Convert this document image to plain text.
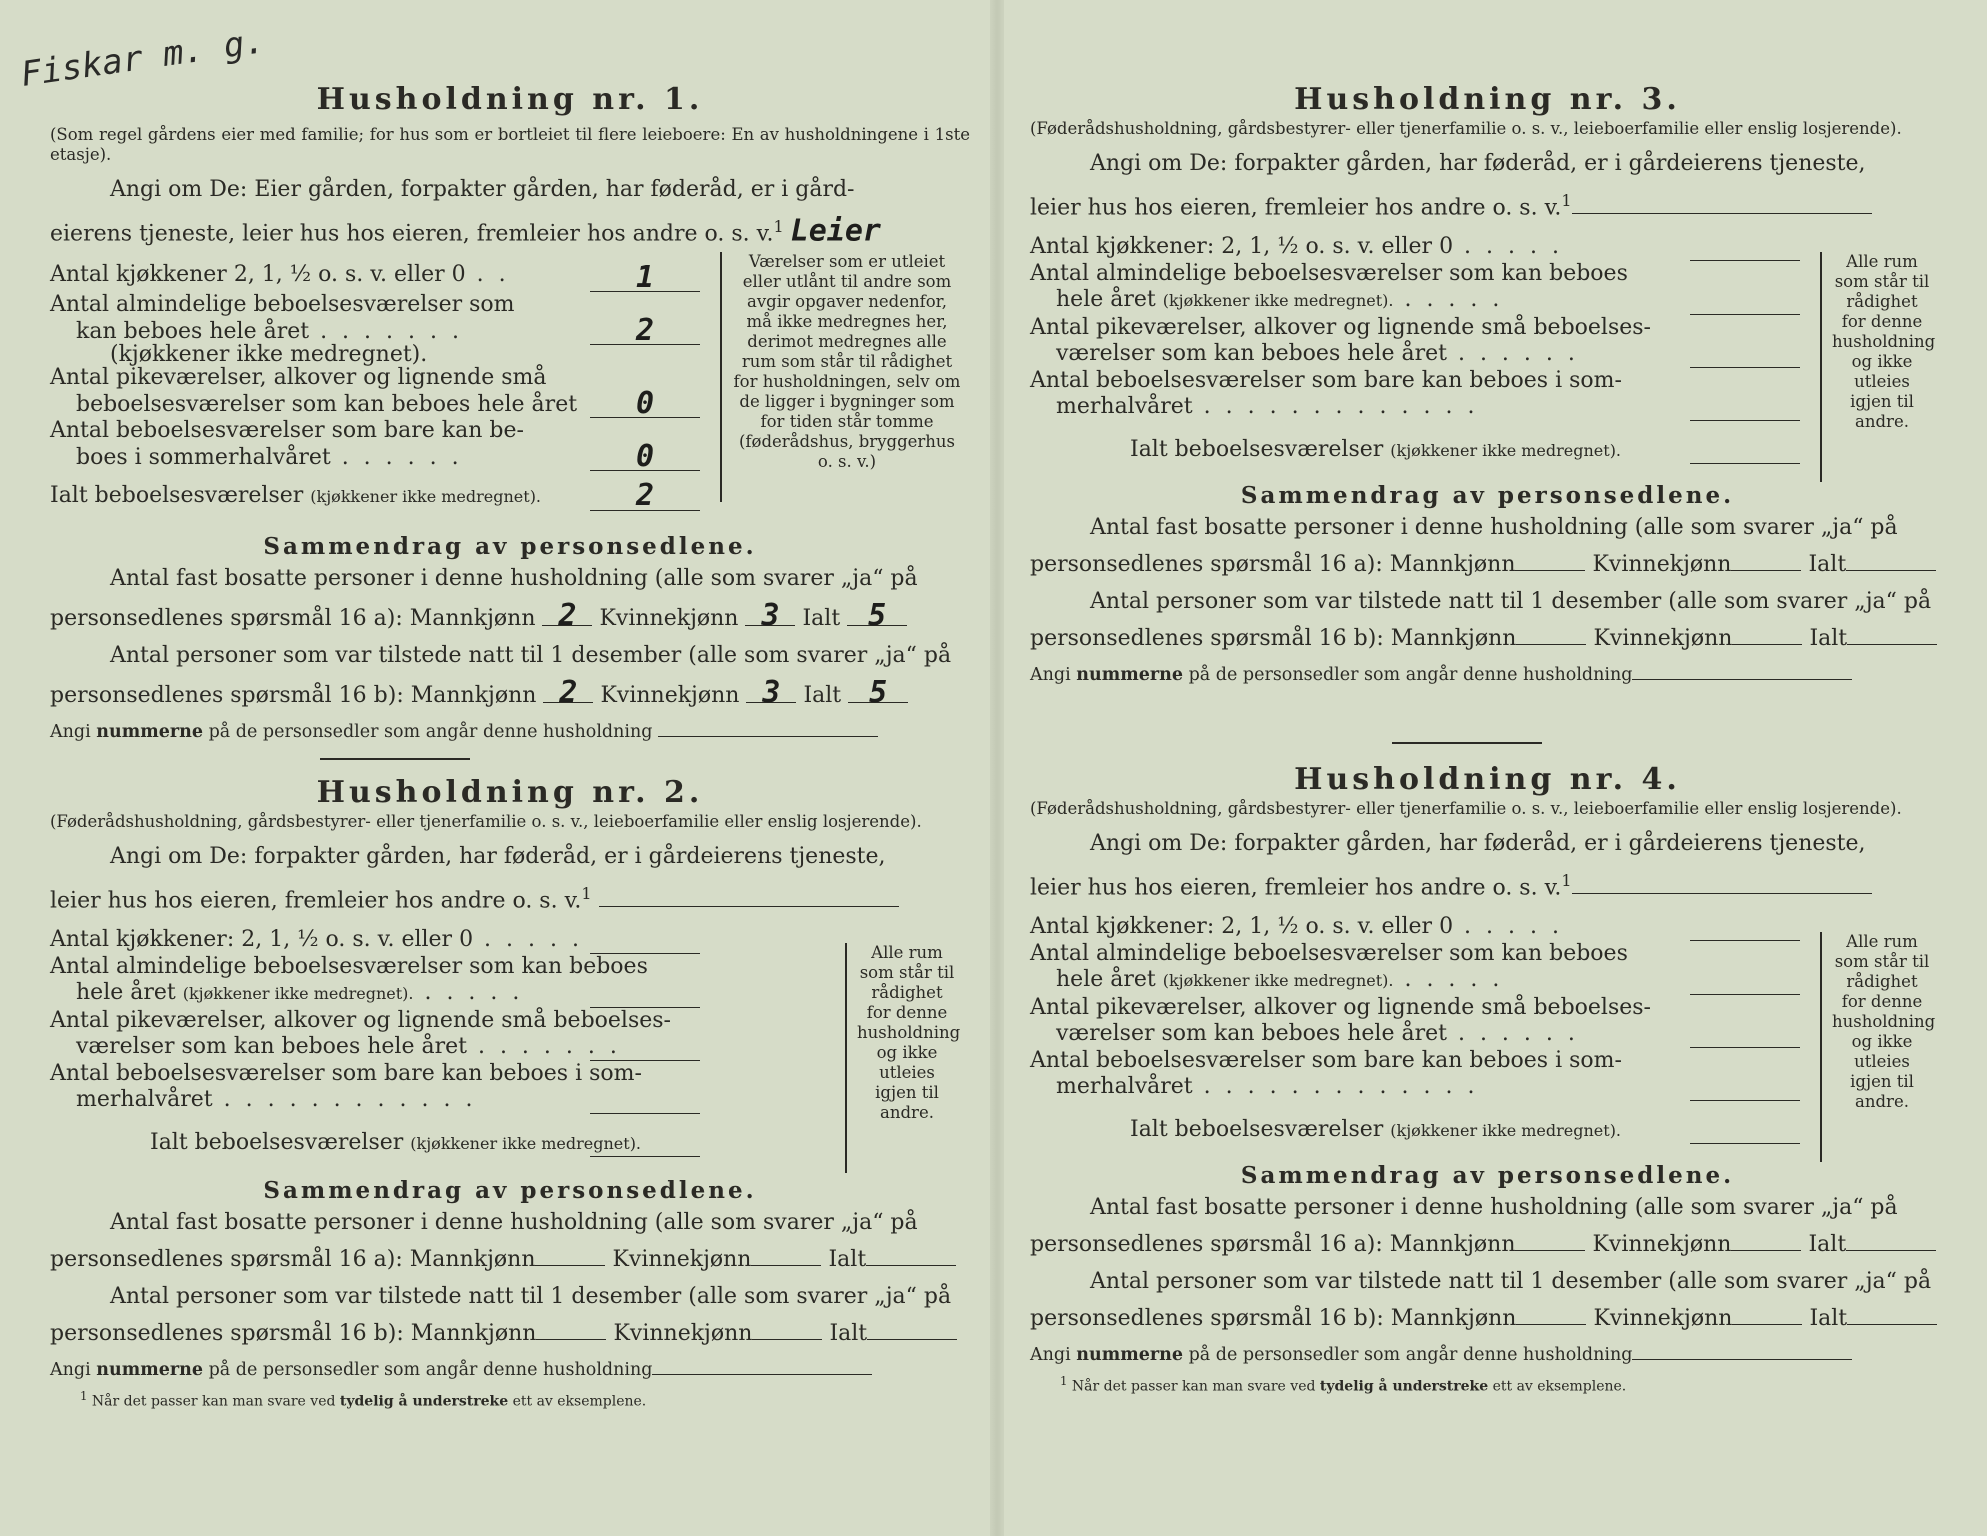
Fiskar m. g.
Husholdning nr. 1.
(Som regel gårdens eier med familie; for hus som er bortleiet til flere leieboere: En av husholdningene i 1ste etasje).
Angi om De: Eier gården, forpakter gården, har føderåd, er i gård-
eierens tjeneste, leier hus hos eieren, fremleier hos andre o. s. v.$^1$ Leier
Antal kjøkkener 2, 1, ½ o. s. v. eller 0 . .	1
Antal almindelige beboelsesværelser som
kan beboes hele året . . . . . . .	2
(kjøkkener ikke medregnet).
Antal pikeværelser, alkover og lignende små
beboelsesværelser som kan beboes hele året	0
Antal beboelsesværelser som bare kan be-
boes i sommerhalvåret . . . . . .	0
Ialt beboelsesværelser (kjøkkener ikke medregnet).	2
Værelser som er utleiet eller utlånt til andre som avgir opgaver nedenfor, må ikke medregnes her, derimot medregnes alle rum som står til rådighet for husholdningen, selv om de ligger i bygninger som for tiden står tomme (føderådshus, bryggerhus o. s. v.)
Sammendrag av personsedlene.
Antal fast bosatte personer i denne husholdning (alle som svarer „ja“ på
personsedlenes spørsmål 16 a): Mannkjønn 2 Kvinnekjønn 3 Ialt 5
Antal personer som var tilstede natt til 1 desember (alle som svarer „ja“ på
personsedlenes spørsmål 16 b): Mannkjønn 2 Kvinnekjønn 3 Ialt 5
Angi nummerne på de personsedler som angår denne husholdning
Husholdning nr. 2.
(Føderådshusholdning, gårdsbestyrer- eller tjenerfamilie o. s. v., leieboerfamilie eller enslig losjerende).
Angi om De: forpakter gården, har føderåd, er i gårdeierens tjeneste,
leier hus hos eieren, fremleier hos andre o. s. v.$^1$
Antal kjøkkener: 2, 1, ½ o. s. v. eller 0 . . . . .
Antal almindelige beboelsesværelser som kan beboes
hele året (kjøkkener ikke medregnet). . . . . .
Antal pikeværelser, alkover og lignende små beboelses-
værelser som kan beboes hele året . . . . . . .
Antal beboelsesværelser som bare kan beboes i som-
merhalvåret . . . . . . . . . . . .
Ialt beboelsesværelser (kjøkkener ikke medregnet).
Alle rum som står til rådighet for denne husholdning og ikke utleies igjen til andre.
Sammendrag av personsedlene.
Antal fast bosatte personer i denne husholdning (alle som svarer „ja“ på
personsedlenes spørsmål 16 a): Mannkjønn	Kvinnekjønn	Ialt
Antal personer som var tilstede natt til 1 desember (alle som svarer „ja“ på
personsedlenes spørsmål 16 b): Mannkjønn	Kvinnekjønn	Ialt
Angi nummerne på de personsedler som angår denne husholdning
$^1$ Når det passer kan man svare ved tydelig å understreke ett av eksemplene.
Husholdning nr. 3.
(Føderådshusholdning, gårdsbestyrer- eller tjenerfamilie o. s. v., leieboerfamilie eller enslig losjerende).
Angi om De: forpakter gården, har føderåd, er i gårdeierens tjeneste,
leier hus hos eieren, fremleier hos andre o. s. v.$^1$
Antal kjøkkener: 2, 1, ½ o. s. v. eller 0 . . . . .
Antal almindelige beboelsesværelser som kan beboes
hele året (kjøkkener ikke medregnet). . . . . .
Antal pikeværelser, alkover og lignende små beboelses-
værelser som kan beboes hele året . . . . . .
Antal beboelsesværelser som bare kan beboes i som-
merhalvåret . . . . . . . . . . . . .
Ialt beboelsesværelser (kjøkkener ikke medregnet).
Alle rum som står til rådighet for denne husholdning og ikke utleies igjen til andre.
Sammendrag av personsedlene.
Antal fast bosatte personer i denne husholdning (alle som svarer „ja“ på
personsedlenes spørsmål 16 a): Mannkjønn	Kvinnekjønn	Ialt
Antal personer som var tilstede natt til 1 desember (alle som svarer „ja“ på
personsedlenes spørsmål 16 b): Mannkjønn	Kvinnekjønn	Ialt
Angi nummerne på de personsedler som angår denne husholdning
Husholdning nr. 4.
(Føderådshusholdning, gårdsbestyrer- eller tjenerfamilie o. s. v., leieboerfamilie eller enslig losjerende).
Angi om De: forpakter gården, har føderåd, er i gårdeierens tjeneste,
leier hus hos eieren, fremleier hos andre o. s. v.$^1$
Antal kjøkkener: 2, 1, ½ o. s. v. eller 0 . . . . .
Antal almindelige beboelsesværelser som kan beboes
hele året (kjøkkener ikke medregnet). . . . . .
Antal pikeværelser, alkover og lignende små beboelses-
værelser som kan beboes hele året . . . . . .
Antal beboelsesværelser som bare kan beboes i som-
merhalvåret . . . . . . . . . . . . .
Ialt beboelsesværelser (kjøkkener ikke medregnet).
Alle rum som står til rådighet for denne husholdning og ikke utleies igjen til andre.
Sammendrag av personsedlene.
Antal fast bosatte personer i denne husholdning (alle som svarer „ja“ på
personsedlenes spørsmål 16 a): Mannkjønn	Kvinnekjønn	Ialt
Antal personer som var tilstede natt til 1 desember (alle som svarer „ja“ på
personsedlenes spørsmål 16 b): Mannkjønn	Kvinnekjønn	Ialt
Angi nummerne på de personsedler som angår denne husholdning
$^1$ Når det passer kan man svare ved tydelig å understreke ett av eksemplene.
